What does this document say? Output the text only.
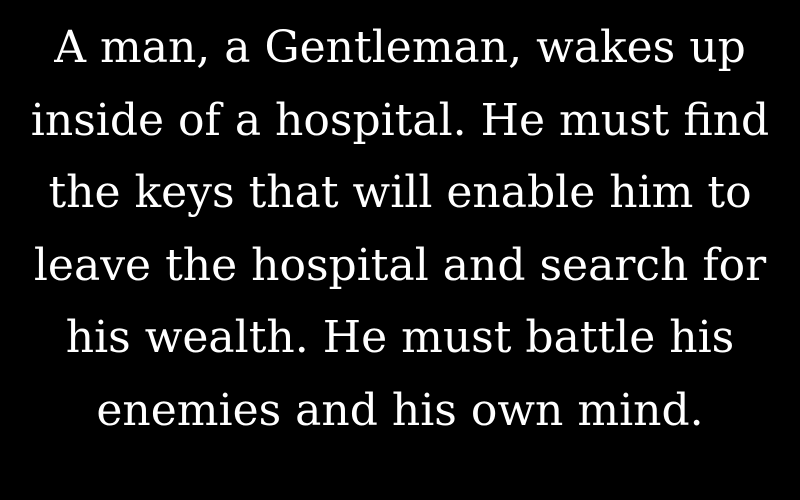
A man, a Gentleman, wakes up
inside of a hospital. He must find
the keys that will enable him to
leave the hospital and search for
his wealth. He must battle his
enemies and his own mind.
